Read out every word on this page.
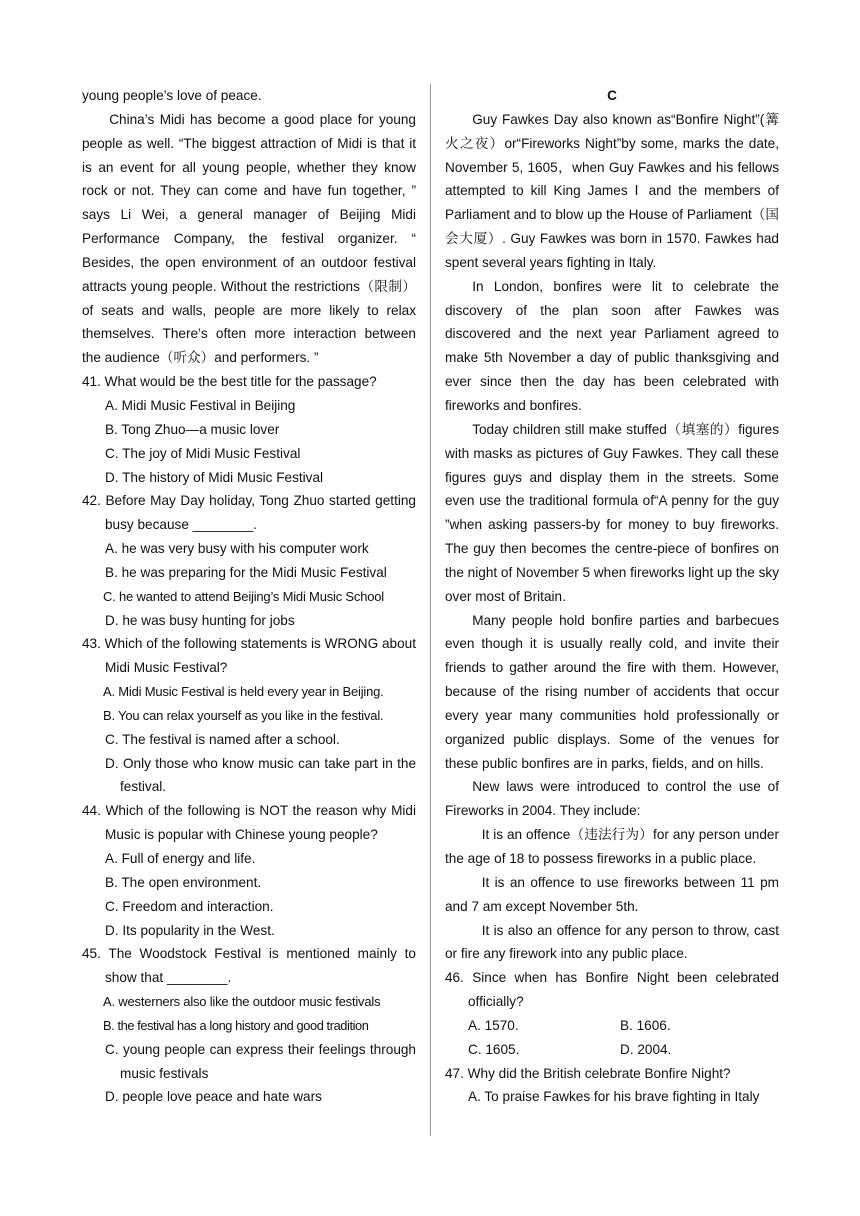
young people’s love of peace.

China’s Midi has become a good place for young people as well. “The biggest attraction of Midi is that it is an event for all young people, whether they know rock or not. They can come and have fun together, ” says Li Wei, a general manager of Beijing Midi Performance Company, the festival organizer. “ Besides, the open environment of an outdoor festival attracts young people. Without the restrictions（限制）of seats and walls, people are more likely to relax themselves. There’s often more interaction between the audience（听众）and performers. ”

41. What would be the best title for the passage?

A. Midi Music Festival in Beijing

B. Tong Zhuo—a music lover

C. The joy of Midi Music Festival

D. The history of Midi Music Festival

42. Before May Day holiday, Tong Zhuo started getting busy because ________.

A. he was very busy with his computer work

B. he was preparing for the Midi Music Festival

C. he wanted to attend Beijing’s Midi Music School

D. he was busy hunting for jobs

43. Which of the following statements is WRONG about Midi Music Festival?

A. Midi Music Festival is held every year in Beijing.

B. You can relax yourself as you like in the festival.

C. The festival is named after a school.

D. Only those who know music can take part in the festival.

44. Which of the following is NOT the reason why Midi Music is popular with Chinese young people?

A. Full of energy and life.

B. The open environment.

C. Freedom and interaction.

D. Its popularity in the West.

45. The Woodstock Festival is mentioned mainly to show that ________.

A. westerners also like the outdoor music festivals

B. the festival has a long history and good tradition

C. young people can express their feelings through music festivals

D. people love peace and hate wars

C

Guy Fawkes Day also known as“Bonfire Night”(篝火之夜）or“Fireworks Night”by some, marks the date, November 5, 1605，when Guy Fawkes and his fellows attempted to kill King James Ⅰ and the members of Parliament and to blow up the House of Parliament（国会大厦）. Guy Fawkes was born in 1570. Fawkes had spent several years fighting in Italy.

In London, bonfires were lit to celebrate the discovery of the plan soon after Fawkes was discovered and the next year Parliament agreed to make 5th November a day of public thanksgiving and ever since then the day has been celebrated with fireworks and bonfires.

Today children still make stuffed（填塞的）figures with masks as pictures of Guy Fawkes. They call these figures guys and display them in the streets. Some even use the traditional formula of“A penny for the guy ”when asking passers-by for money to buy fireworks. The guy then becomes the centre-piece of bonfires on the night of November 5 when fireworks light up the sky over most of Britain.

Many people hold bonfire parties and barbecues even though it is usually really cold, and invite their friends to gather around the fire with them. However, because of the rising number of accidents that occur every year many communities hold professionally or organized public displays. Some of the venues for these public bonfires are in parks, fields, and on hills.

New laws were introduced to control the use of Fireworks in 2004. They include:

It is an offence（违法行为）for any person under the age of 18 to possess fireworks in a public place.

It is an offence to use fireworks between 11 pm and 7 am except November 5th.

It is also an offence for any person to throw, cast or fire any firework into any public place.

46. Since when has Bonfire Night been celebrated officially?

A. 1570.	B. 1606.
C. 1605.	D. 2004.

47. Why did the British celebrate Bonfire Night?

A. To praise Fawkes for his brave fighting in Italy
